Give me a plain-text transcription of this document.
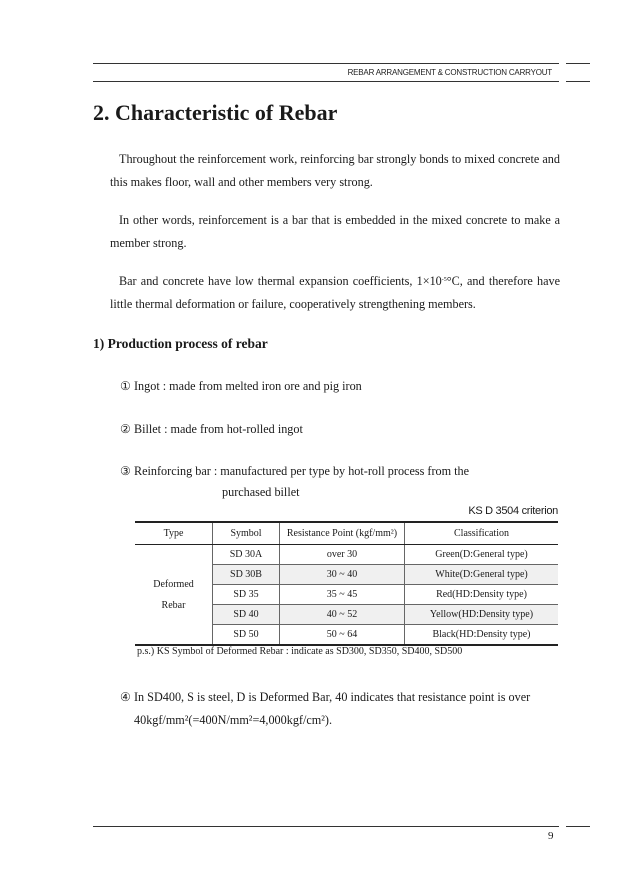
REBAR ARRANGEMENT & CONSTRUCTION CARRYOUT
2. Characteristic of Rebar

Throughout the reinforcement work, reinforcing bar strongly bonds to mixed concrete and this makes floor, wall and other members very strong.

In other words, reinforcement is a bar that is embedded in the mixed concrete to make a member strong.

Bar and concrete have low thermal expansion coefficients, $1\times 10^{-5}^\circ C$, and therefore have little thermal deformation or failure, cooperatively strengthening members.

1) Production process of rebar

① Ingot : made from melted iron ore and pig iron

② Billet : made from hot-rolled ingot

③ Reinforcing bar : manufactured per type by hot-roll process from the

purchased billet

KS D 3504 criterion
Type	Symbol	Resistance Point (kgf/mm²)	Classification
Deformed
Rebar	SD 30A	over 30	Green(D:General type)
	SD 30B	30 ~ 40	White(D:General type)
	SD 35	35 ~ 45	Red(HD:Density type)
	SD 40	40 ~ 52	Yellow(HD:Density type)
	SD 50	50 ~ 64	Black(HD:Density type)
p.s.) KS Symbol of Deformed Rebar : indicate as SD300, SD350, SD400, SD500

④ In SD400, S is steel, D is Deformed Bar, 40 indicates that resistance point is over

40kgf/mm²(=400N/mm²=4,000kgf/cm²).

9
